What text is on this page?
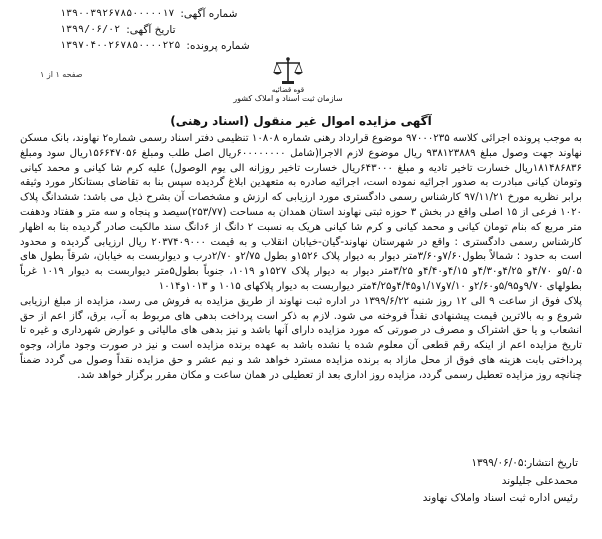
شماره آگهی:
۱۳۹۰۰۳۹۲۶۷۸۵۰۰۰۰۰۱۷
تاریخ آگهی:
۱۳۹۹/۰۶/۰۲
شماره پرونده:
۱۳۹۷۰۴۰۰۲۶۷۸۵۰۰۰۰۲۲۵
صفحه ۱ از ۱
قوه قضائیه
سازمان ثبت اسناد و املاک کشور
آگهی مزایده اموال غیر منقول (اسناد رهنی)

به موجب پرونده اجرائی کلاسه ۹۷۰۰۰۲۳۵ موضوع قرارداد رهنی شماره ۱۰۸۰۸ تنظیمی دفتر اسناد رسمی شماره۲ نهاوند، بانک مسکن نهاوند جهت وصول مبلغ ۹۳۸۱۲۳۸۸۹ ریال موضوع لازم الاجرا(شامل ۶۰۰۰۰۰۰۰۰ریال اصل طلب ومبلغ ۱۵۶۶۴۷۰۵۶ریال سود ومبلغ ۱۸۱۴۸۶۸۳۶ریال خسارت تاخیر تادیه و مبلغ ۶۴۳۰۰۰ریال خسارت تاخیر روزانه الی یوم الوصول) علیه کرم شا کیانی و محمد کیانی وتومان کیانی مبادرت به صدور اجرائیه نموده است، اجرائیه صادره به متعهدین ابلاغ گردیده سپس بنا به تقاضای بستانکار مورد وثیقه برابر نظریه مورخ ۹۷/۱۱/۲۱ کارشناس رسمی دادگستری مورد ارزیابی که ارزش و مشخصات آن بشرح ذیل می باشد: ششدانگ پلاک ۱۰۲۰ فرعی از ۱۵ اصلی واقع در بخش ۳ حوزه ثبتی نهاوند استان همدان به مساحت (۲۵۳/۷۷)سیصد و پنجاه و سه متر و هفتاد ودهفت متر مربع که بنام تومان کیانی و محمد کیانی و کرم شا کیانی هریک به نسبت ۲ دانگ از ۶دانگ سند مالکیت صادر گردیده بنا به اظهار کارشناس رسمی دادگستری : واقع در شهرستان نهاوند-گیان-خیابان انقلاب و به قیمت ۲۰۳۷۴۰۹۰۰۰ ریال ارزیابی گردیده و محدود است به حدود : شمالاً بطول۷/۶۰و۳/۶۰متر دیوار به دیوار پلاک ۱۵۲۶و بطول ۲/۷۵و ۲/۷۰درب و دیواربست به خیابان، شرقاً بطول های ۵/۰۵و ۴/۷۰و ۴/۲۵و۴/۳۰و ۴/۱۵و۴/۴۰و ۳/۲۵متر دیوار به دیوار پلاک ۱۵۲۷و ۱۰۱۹، جنوباً بطول۵متر دیواربست به دیوار ۱۰۱۹ غرباً بطولهای ۹/۷۰و۵/۹۵و۲/۶۰و ۷/۱۰و۱/۱۷و۴/۴۵و۴/۲۵متر دیواربست به دیوار پلاکهای ۱۰۱۵ و ۱۰۱۳و۱۰۱۴

پلاک فوق از ساعت ۹ الی ۱۲ روز شنبه ۱۳۹۹/۶/۲۲ در اداره ثبت نهاوند از طریق مزایده به فروش می رسد، مزایده از مبلغ ارزیابی شروع و به بالاترین قیمت پیشنهادی نقداً فروخته می شود. لازم به ذکر است پرداخت بدهی های مربوط به آب، برق، گاز اعم از حق انشعاب و یا حق اشتراک و مصرف در صورتی که مورد مزایده دارای آنها باشد و نیز بدهی های مالیاتی و عوارض شهرداری و غیره تا تاریخ مزایده اعم از اینکه رقم قطعی آن معلوم شده یا نشده باشد به عهده برنده مزایده است و نیز در صورت وجود مازاد، وجوه پرداختی بابت هزینه های فوق از محل مازاد به برنده مزایده مسترد خواهد شد و نیم عشر و حق مزایده نقداً وصول می گردد ضمناً چنانچه روز مزایده تعطیل رسمی گردد، مزایده روز اداری بعد از تعطیلی در همان ساعت و مکان مقرر برگزار خواهد شد.

تاریخ انتشار:۱۳۹۹/۰۶/۰۵
محمدعلی جلیلوند
رئیس اداره ثبت اسناد واملاک نهاوند
